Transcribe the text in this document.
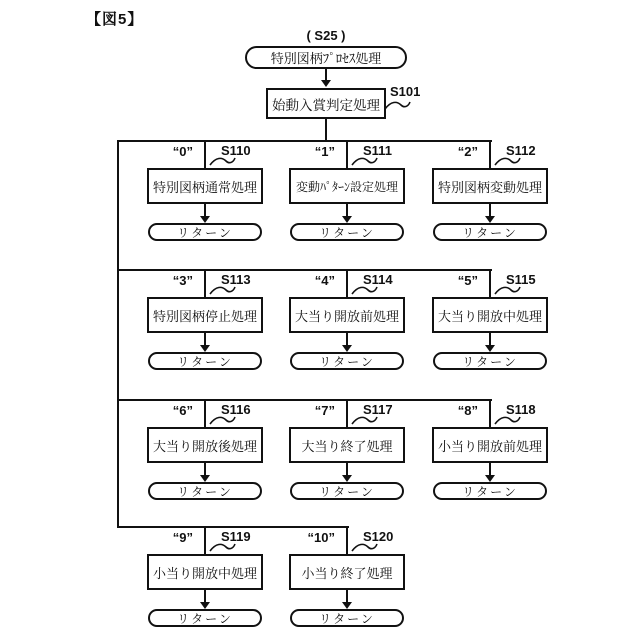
【図5】
( S25 )
特別図柄ﾌﾟﾛｾｽ処理
始動入賞判定処理
S101
“0” S110
特別図柄通常処理
リターン
“1” S111
変動ﾊﾟﾀｰﾝ設定処理
リターン
“2” S112
特別図柄変動処理
リターン
“3” S113
特別図柄停止処理
リターン
“4” S114
大当り開放前処理
リターン
“5” S115
大当り開放中処理
リターン
“6” S116
大当り開放後処理
リターン
“7” S117
大当り終了処理
リターン
“8” S118
小当り開放前処理
リターン
“9” S119
小当り開放中処理
リターン
“10” S120
小当り終了処理
リターン
